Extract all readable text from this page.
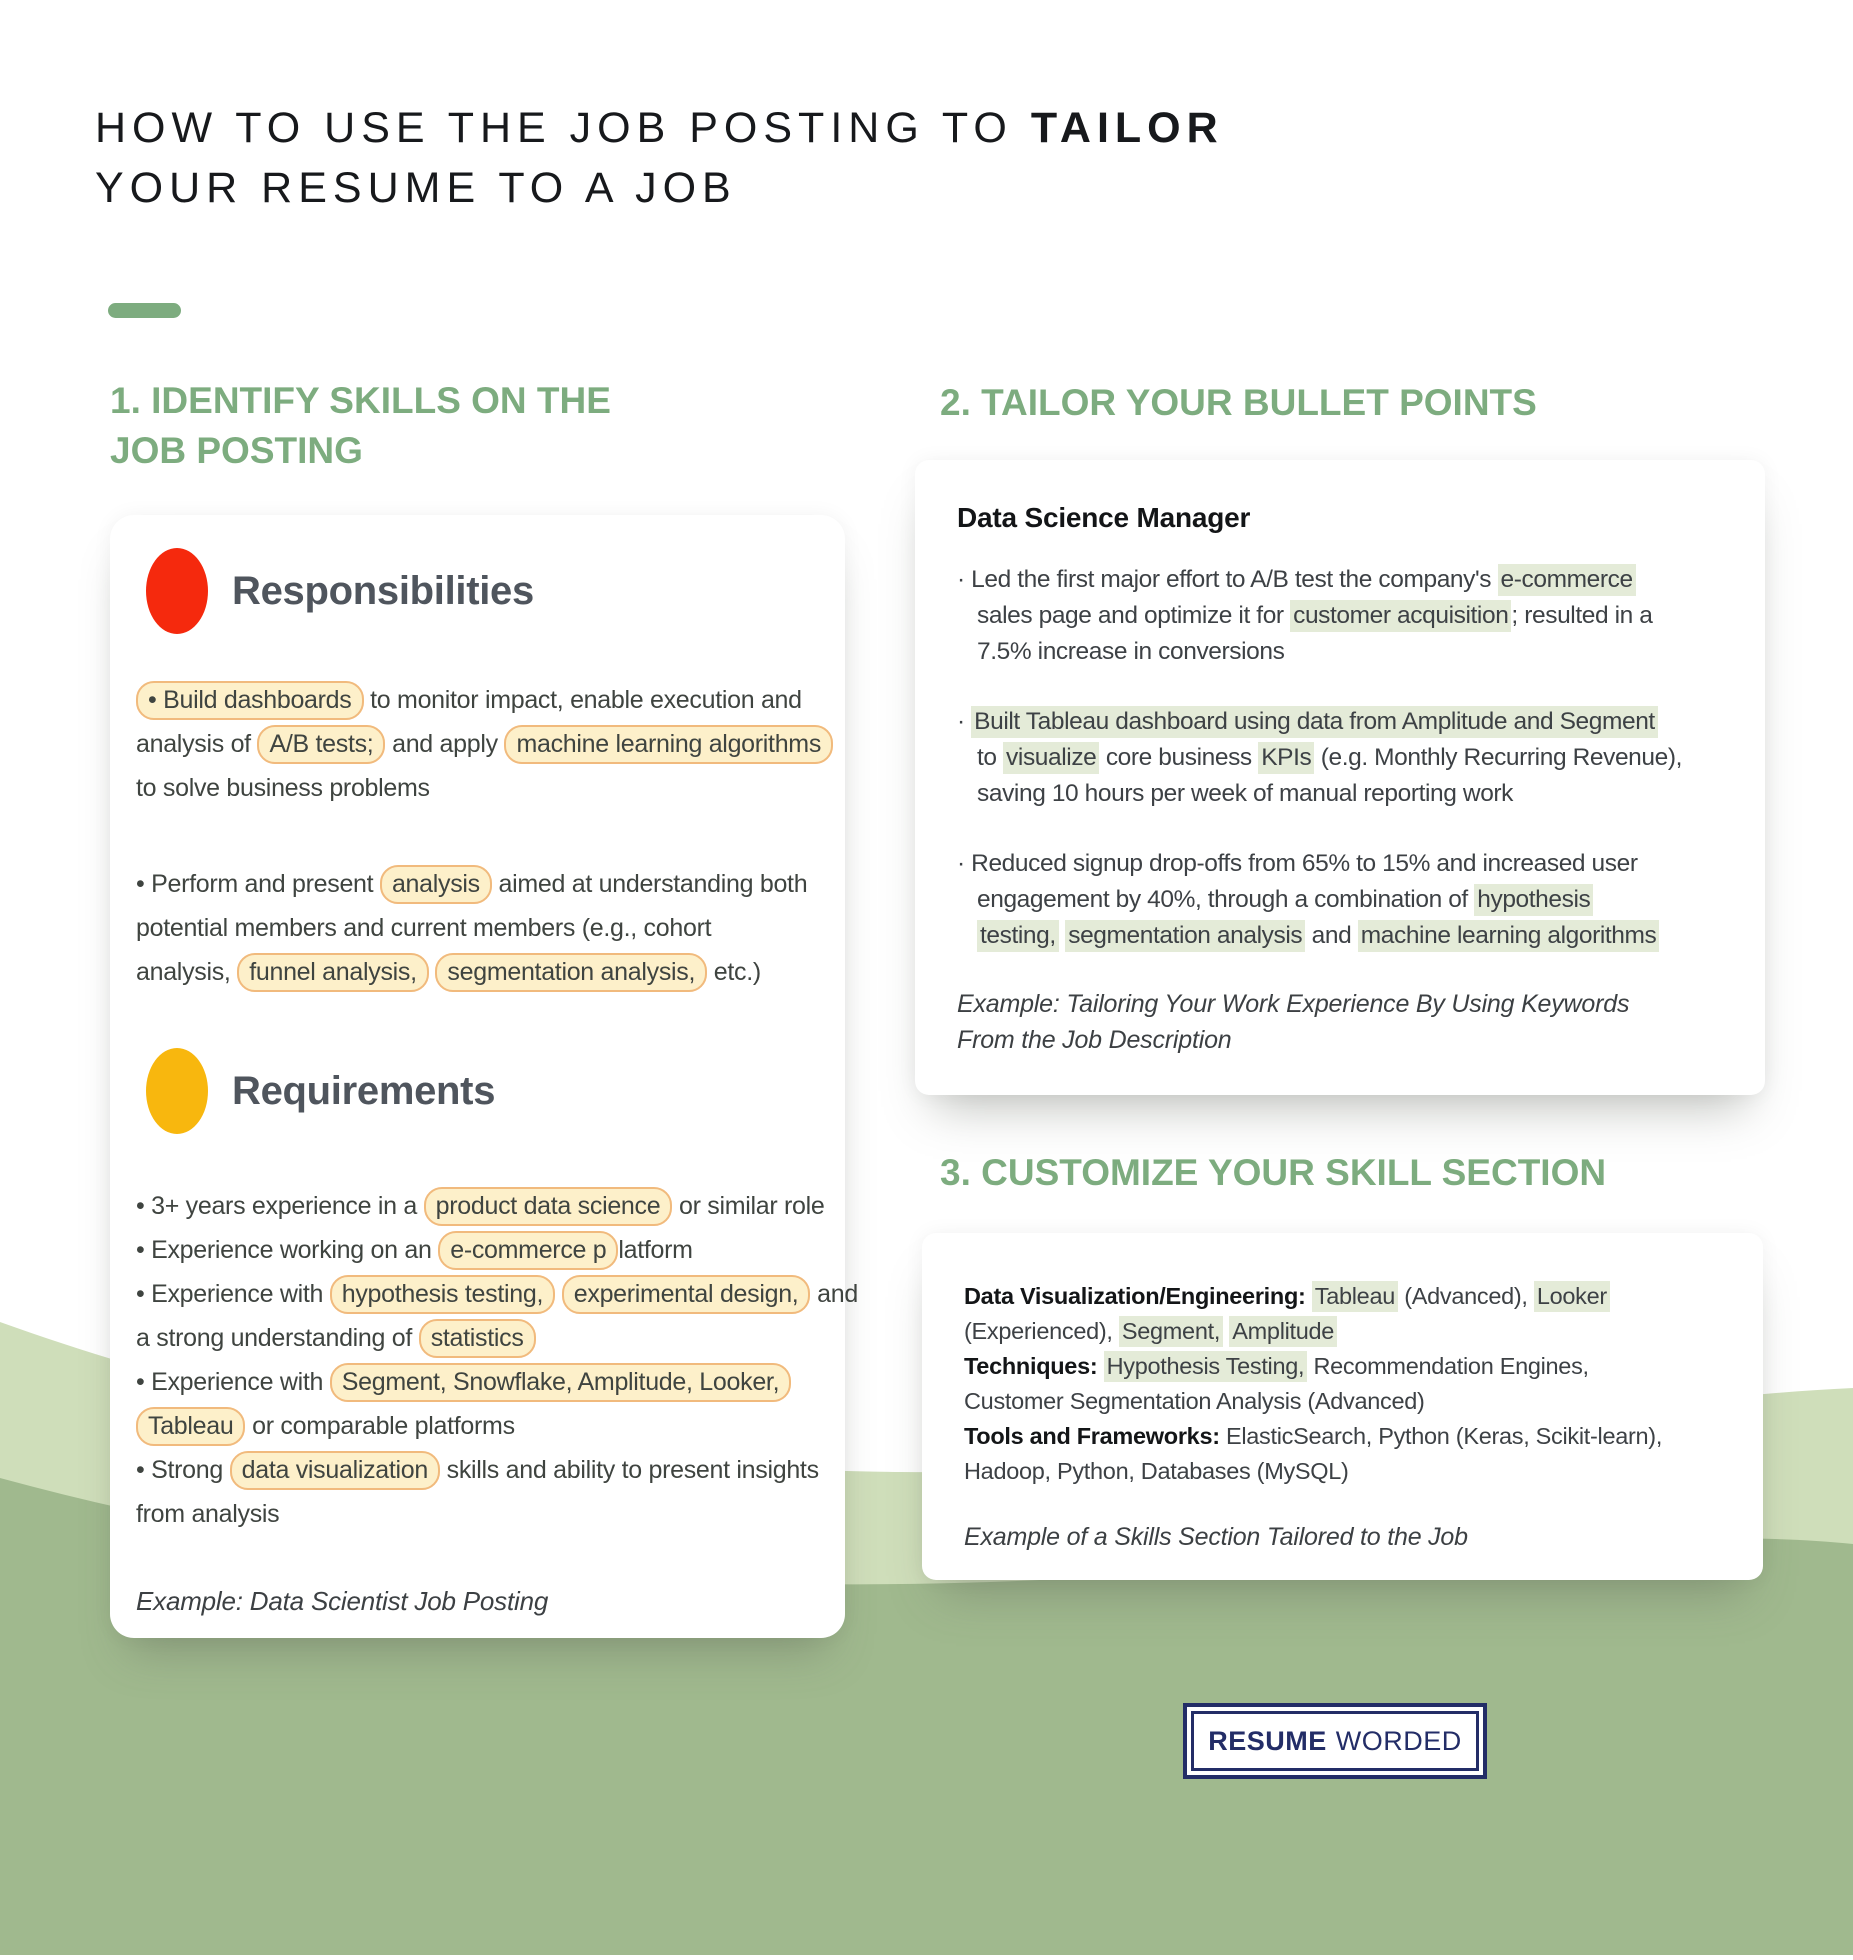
HOW TO USE THE JOB POSTING TO TAILOR
YOUR RESUME TO A JOB
1. IDENTIFY SKILLS ON THE JOB POSTING
Responsibilities
• Build dashboards to monitor impact, enable execution and
analysis of A/B tests; and apply machine learning algorithms
to solve business problems
• Perform and present analysis aimed at understanding both
potential members and current members (e.g., cohort
analysis, funnel analysis, segmentation analysis, etc.)
Requirements
• 3+ years experience in a product data science or similar role
• Experience working on an e-commerce p latform
• Experience with hypothesis testing, experimental design, and
a strong understanding of statistics
• Experience with Segment, Snowflake, Amplitude, Looker,
Tableau or comparable platforms
• Strong data visualization skills and ability to present insights
from analysis
Example: Data Scientist Job Posting
2. TAILOR YOUR BULLET POINTS
Data Science Manager
· Led the first major effort to A/B test the company's e-commerce
sales page and optimize it for customer acquisition ; resulted in a
7.5% increase in conversions
· Built Tableau dashboard using data from Amplitude and Segment
to visualize core business KPIs (e.g. Monthly Recurring Revenue),
saving 10 hours per week of manual reporting work
· Reduced signup drop-offs from 65% to 15% and increased user
engagement by 40%, through a combination of hypothesis
testing, segmentation analysis and machine learning algorithms
Example: Tailoring Your Work Experience By Using Keywords
From the Job Description
3. CUSTOMIZE YOUR SKILL SECTION
Data Visualization/Engineering: Tableau (Advanced), Looker
(Experienced), Segment, Amplitude
Techniques: Hypothesis Testing, Recommendation Engines,
Customer Segmentation Analysis (Advanced)
Tools and Frameworks: ElasticSearch, Python (Keras, Scikit-learn),
Hadoop, Python, Databases (MySQL)
Example of a Skills Section Tailored to the Job
RESUME WORDED
